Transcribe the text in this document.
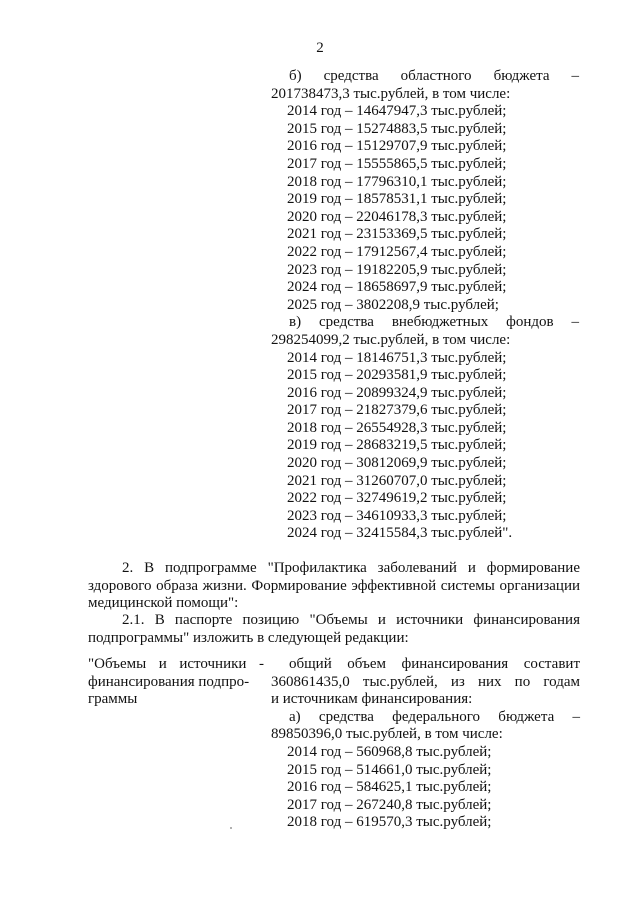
2
б) средства областного бюджета –
201738473,3 тыс.рублей, в том числе:
2014 год – 14647947,3 тыс.рублей;
2015 год – 15274883,5 тыс.рублей;
2016 год – 15129707,9 тыс.рублей;
2017 год – 15555865,5 тыс.рублей;
2018 год – 17796310,1 тыс.рублей;
2019 год – 18578531,1 тыс.рублей;
2020 год – 22046178,3 тыс.рублей;
2021 год – 23153369,5 тыс.рублей;
2022 год – 17912567,4 тыс.рублей;
2023 год – 19182205,9 тыс.рублей;
2024 год – 18658697,9 тыс.рублей;
2025 год – 3802208,9 тыс.рублей;
в) средства внебюджетных фондов –
298254099,2 тыс.рублей, в том числе:
2014 год – 18146751,3 тыс.рублей;
2015 год – 20293581,9 тыс.рублей;
2016 год – 20899324,9 тыс.рублей;
2017 год – 21827379,6 тыс.рублей;
2018 год – 26554928,3 тыс.рублей;
2019 год – 28683219,5 тыс.рублей;
2020 год – 30812069,9 тыс.рублей;
2021 год – 31260707,0 тыс.рублей;
2022 год – 32749619,2 тыс.рублей;
2023 год – 34610933,3 тыс.рублей;
2024 год – 32415584,3 тыс.рублей".
2. В подпрограмме "Профилактика заболеваний и формирование
здорового образа жизни. Формирование эффективной системы организации
медицинской помощи":
2.1. В паспорте позицию "Объемы и источники финансирования
подпрограммы" изложить в следующей редакции:
"Объемы и источники -
финансирования подпро-
граммы
общий объем финансирования составит
360861435,0 тыс.рублей, из них по годам
и источникам финансирования:
а) средства федерального бюджета –
89850396,0 тыс.рублей, в том числе:
2014 год – 560968,8 тыс.рублей;
2015 год – 514661,0 тыс.рублей;
2016 год – 584625,1 тыс.рублей;
2017 год – 267240,8 тыс.рублей;
2018 год – 619570,3 тыс.рублей;
